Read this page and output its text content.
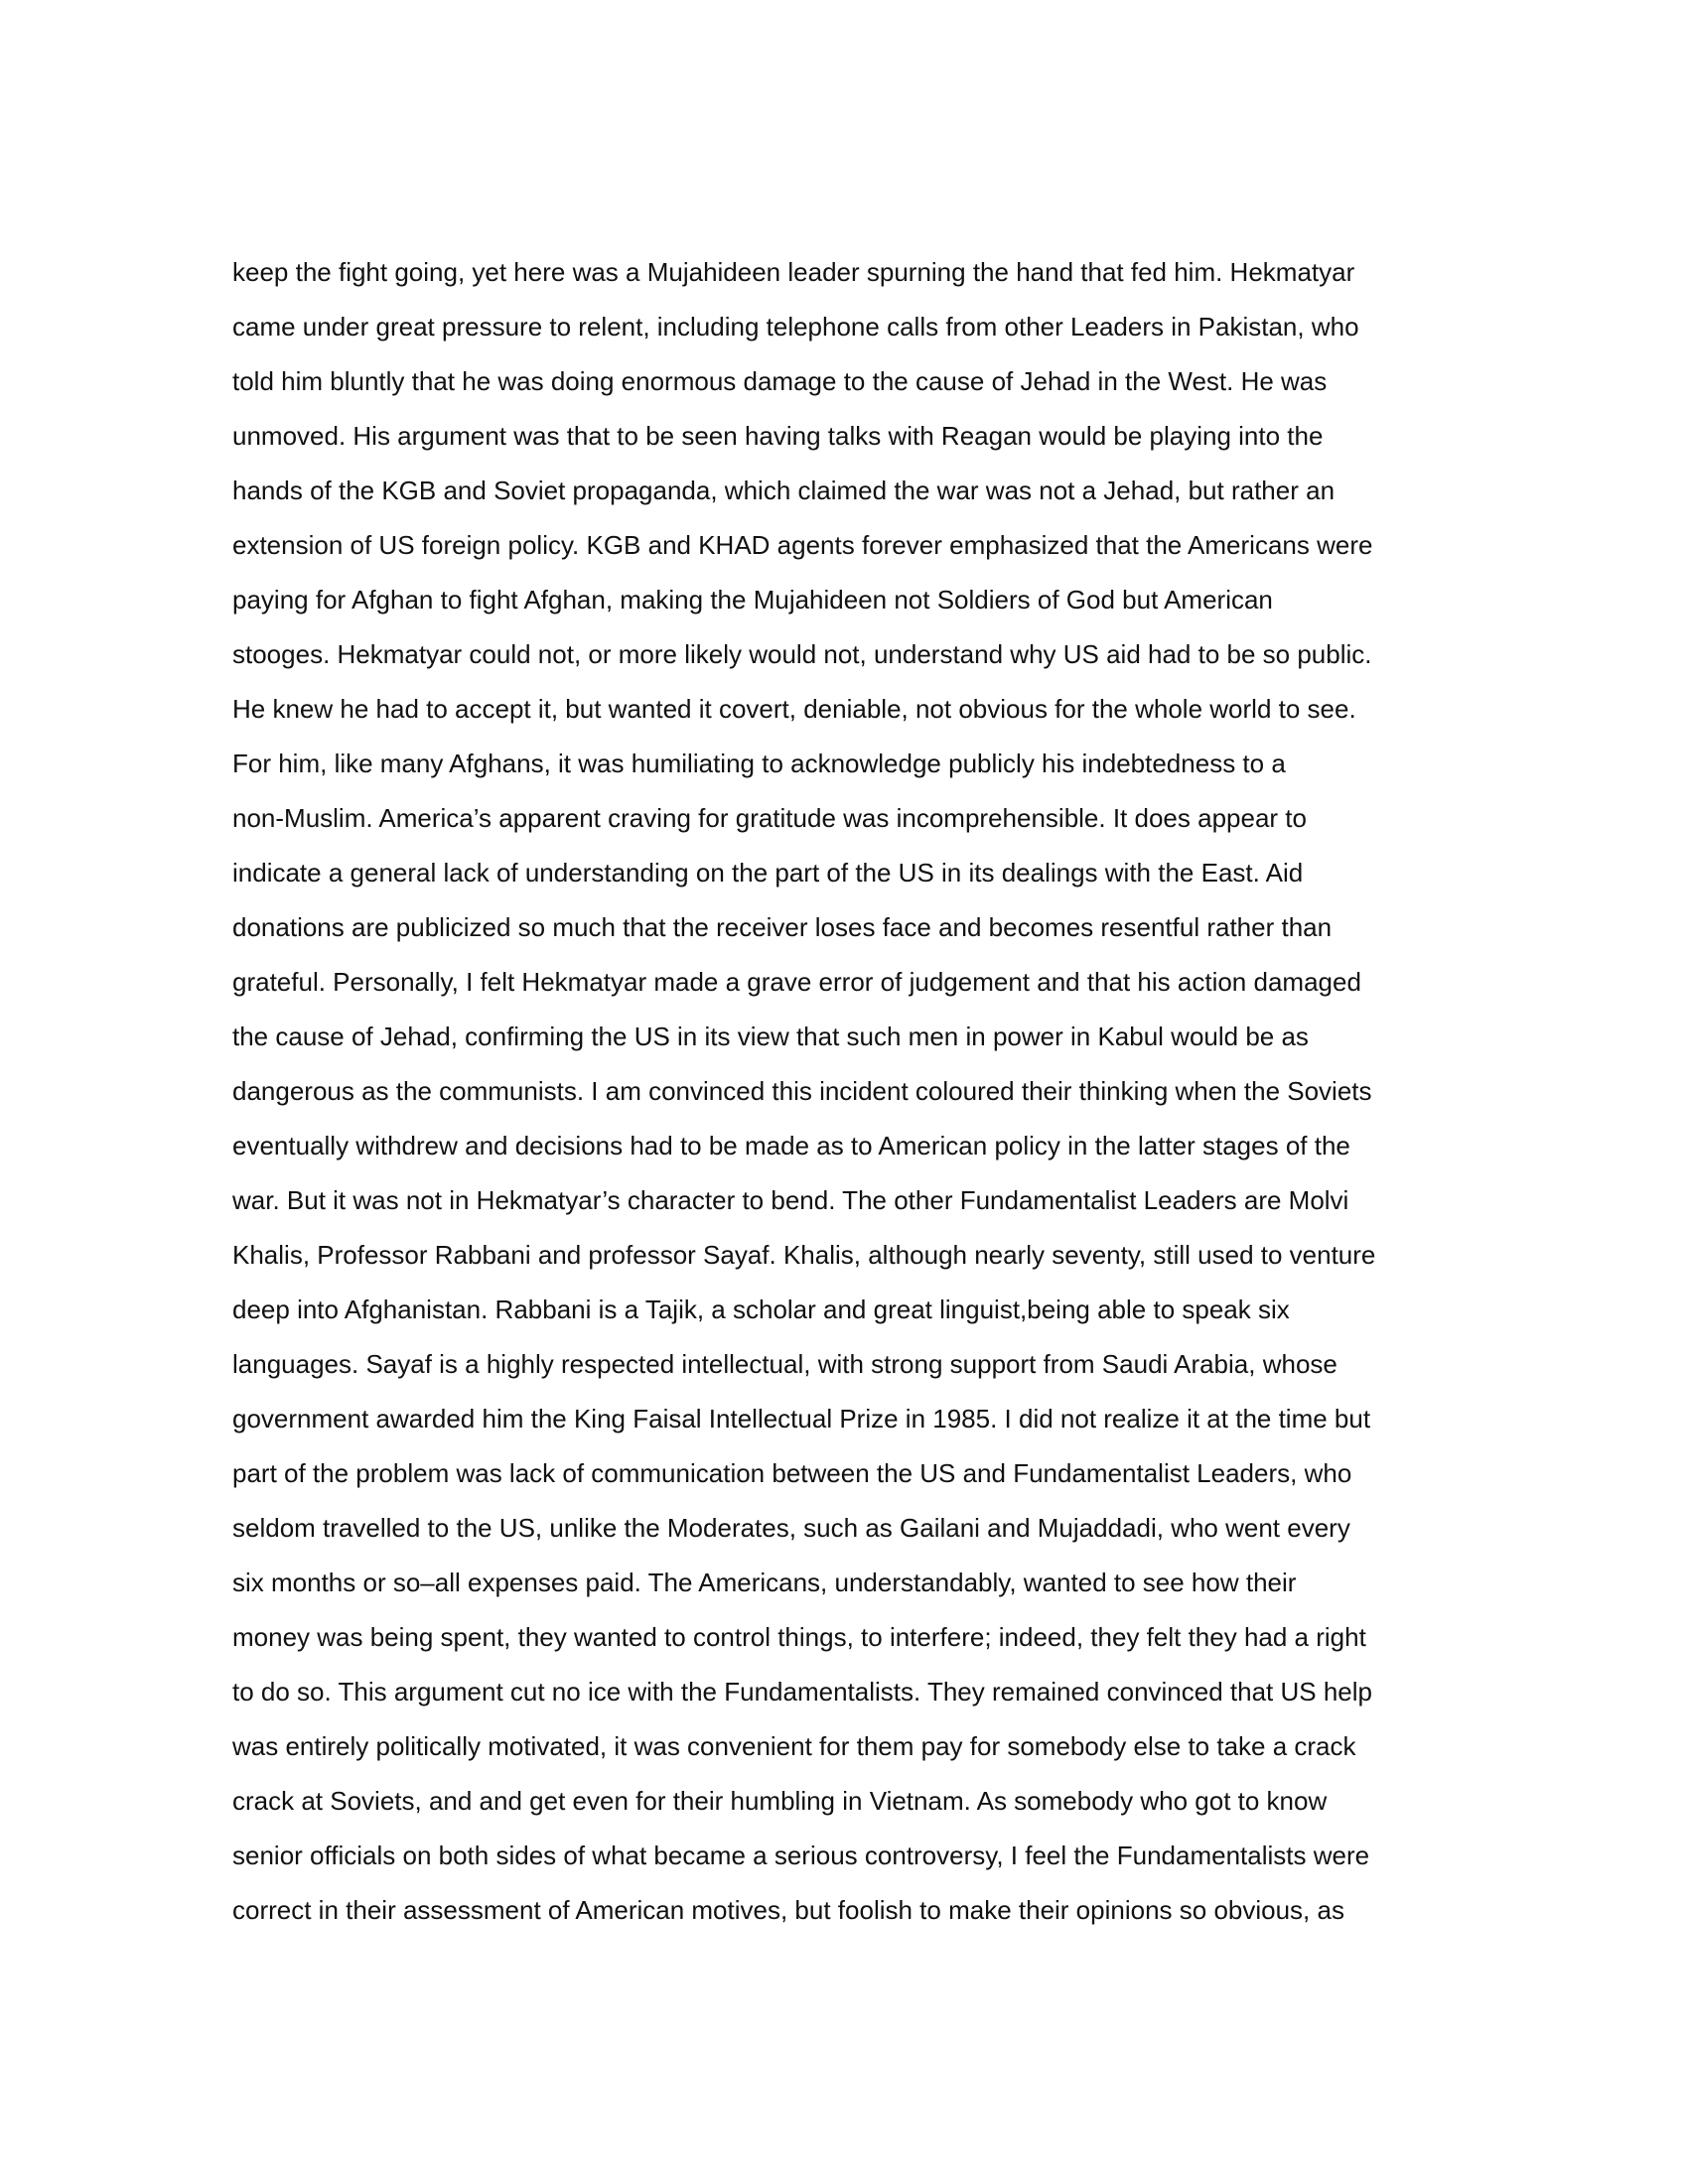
keep the fight going, yet here was a Mujahideen leader spurning the hand that fed him. Hekmatyar
came under great pressure to relent, including telephone calls from other Leaders in Pakistan, who
told him bluntly that he was doing enormous damage to the cause of Jehad in the West. He was
unmoved. His argument was that to be seen having talks with Reagan would be playing into the
hands of the KGB and Soviet propaganda, which claimed the war was not a Jehad, but rather an
extension of US foreign policy. KGB and KHAD agents forever emphasized that the Americans were
paying for Afghan to fight Afghan, making the Mujahideen not Soldiers of God but American
stooges. Hekmatyar could not, or more likely would not, understand why US aid had to be so public.
He knew he had to accept it, but wanted it covert, deniable, not obvious for the whole world to see.
For him, like many Afghans, it was humiliating to acknowledge publicly his indebtedness to a
non-Muslim. America’s apparent craving for gratitude was incomprehensible. It does appear to
indicate a general lack of understanding on the part of the US in its dealings with the East. Aid
donations are publicized so much that the receiver loses face and becomes resentful rather than
grateful. Personally, I felt Hekmatyar made a grave error of judgement and that his action damaged
the cause of Jehad, confirming the US in its view that such men in power in Kabul would be as
dangerous as the communists. I am convinced this incident coloured their thinking when the Soviets
eventually withdrew and decisions had to be made as to American policy in the latter stages of the
war. But it was not in Hekmatyar’s character to bend. The other Fundamentalist Leaders are Molvi
Khalis, Professor Rabbani and professor Sayaf. Khalis, although nearly seventy, still used to venture
deep into Afghanistan. Rabbani is a Tajik, a scholar and great linguist,being able to speak six
languages. Sayaf is a highly respected intellectual, with strong support from Saudi Arabia, whose
government awarded him the King Faisal Intellectual Prize in 1985. I did not realize it at the time but
part of the problem was lack of communication between the US and Fundamentalist Leaders, who
seldom travelled to the US, unlike the Moderates, such as Gailani and Mujaddadi, who went every
six months or so–all expenses paid. The Americans, understandably, wanted to see how their
money was being spent, they wanted to control things, to interfere; indeed, they felt they had a right
to do so. This argument cut no ice with the Fundamentalists. They remained convinced that US help
was entirely politically motivated, it was convenient for them pay for somebody else to take a crack
crack at Soviets, and and get even for their humbling in Vietnam. As somebody who got to know
senior officials on both sides of what became a serious controversy, I feel the Fundamentalists were
correct in their assessment of American motives, but foolish to make their opinions so obvious, as
